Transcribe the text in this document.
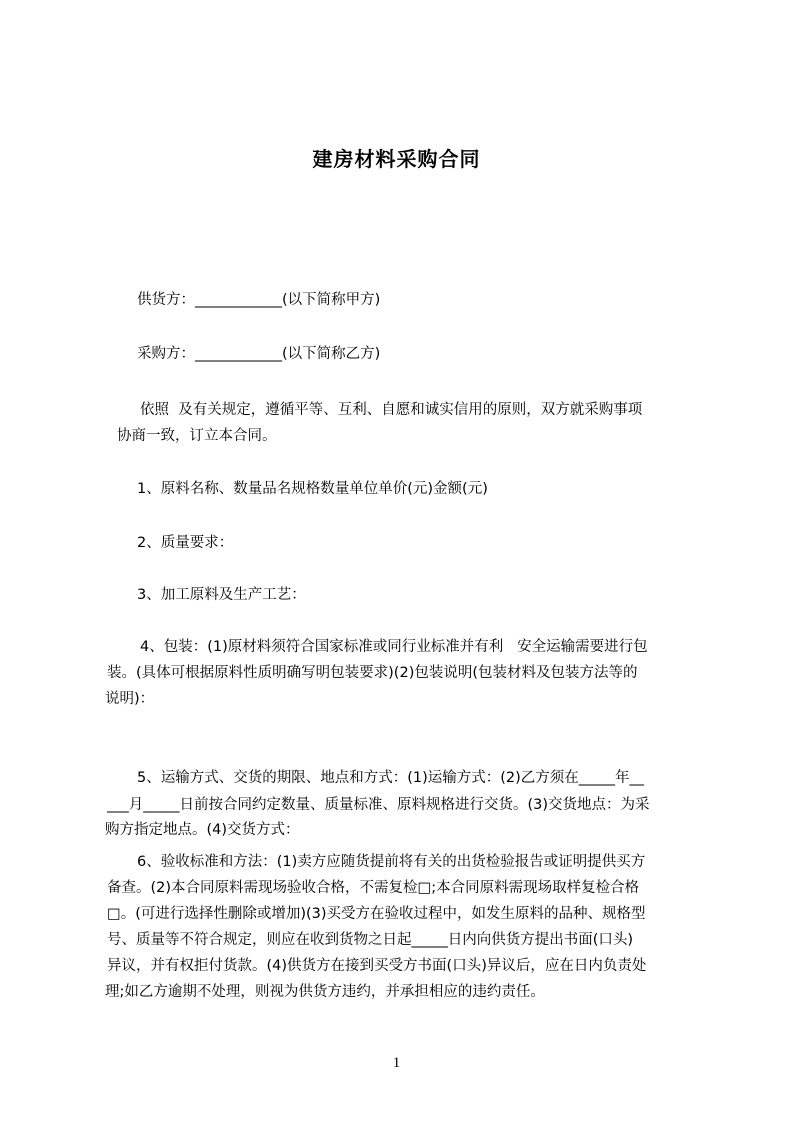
建房材料采购合同
供货方：____________(以下简称甲方)
采购方：____________(以下简称乙方)
依照  及有关规定，遵循平等、互利、自愿和诚实信用的原则，双方就采购事项
协商一致，订立本合同。
1、原料名称、数量品名规格数量单位单价(元)金额(元)
2、质量要求：
3、加工原料及生产工艺：
4、包装：(1)原材料须符合国家标准或同行业标准并有利   安全运输需要进行包
装。(具体可根据原料性质明确写明包装要求)(2)包装说明(包装材料及包装方法等的
说明)：
5、运输方式、交货的期限、地点和方式：(1)运输方式：(2)乙方须在_____年__
___月_____日前按合同约定数量、质量标准、原料规格进行交货。(3)交货地点：为采
购方指定地点。(4)交货方式：
6、验收标准和方法：(1)卖方应随货提前将有关的出货检验报告或证明提供买方
备查。(2)本合同原料需现场验收合格，不需复检□;本合同原料需现场取样复检合格
□。(可进行选择性删除或增加)(3)买受方在验收过程中，如发生原料的品种、规格型
号、质量等不符合规定，则应在收到货物之日起_____日内向供货方提出书面(口头)
异议，并有权拒付货款。(4)供货方在接到买受方书面(口头)异议后，应在日内负责处
理;如乙方逾期不处理，则视为供货方违约，并承担相应的违约责任。
1
